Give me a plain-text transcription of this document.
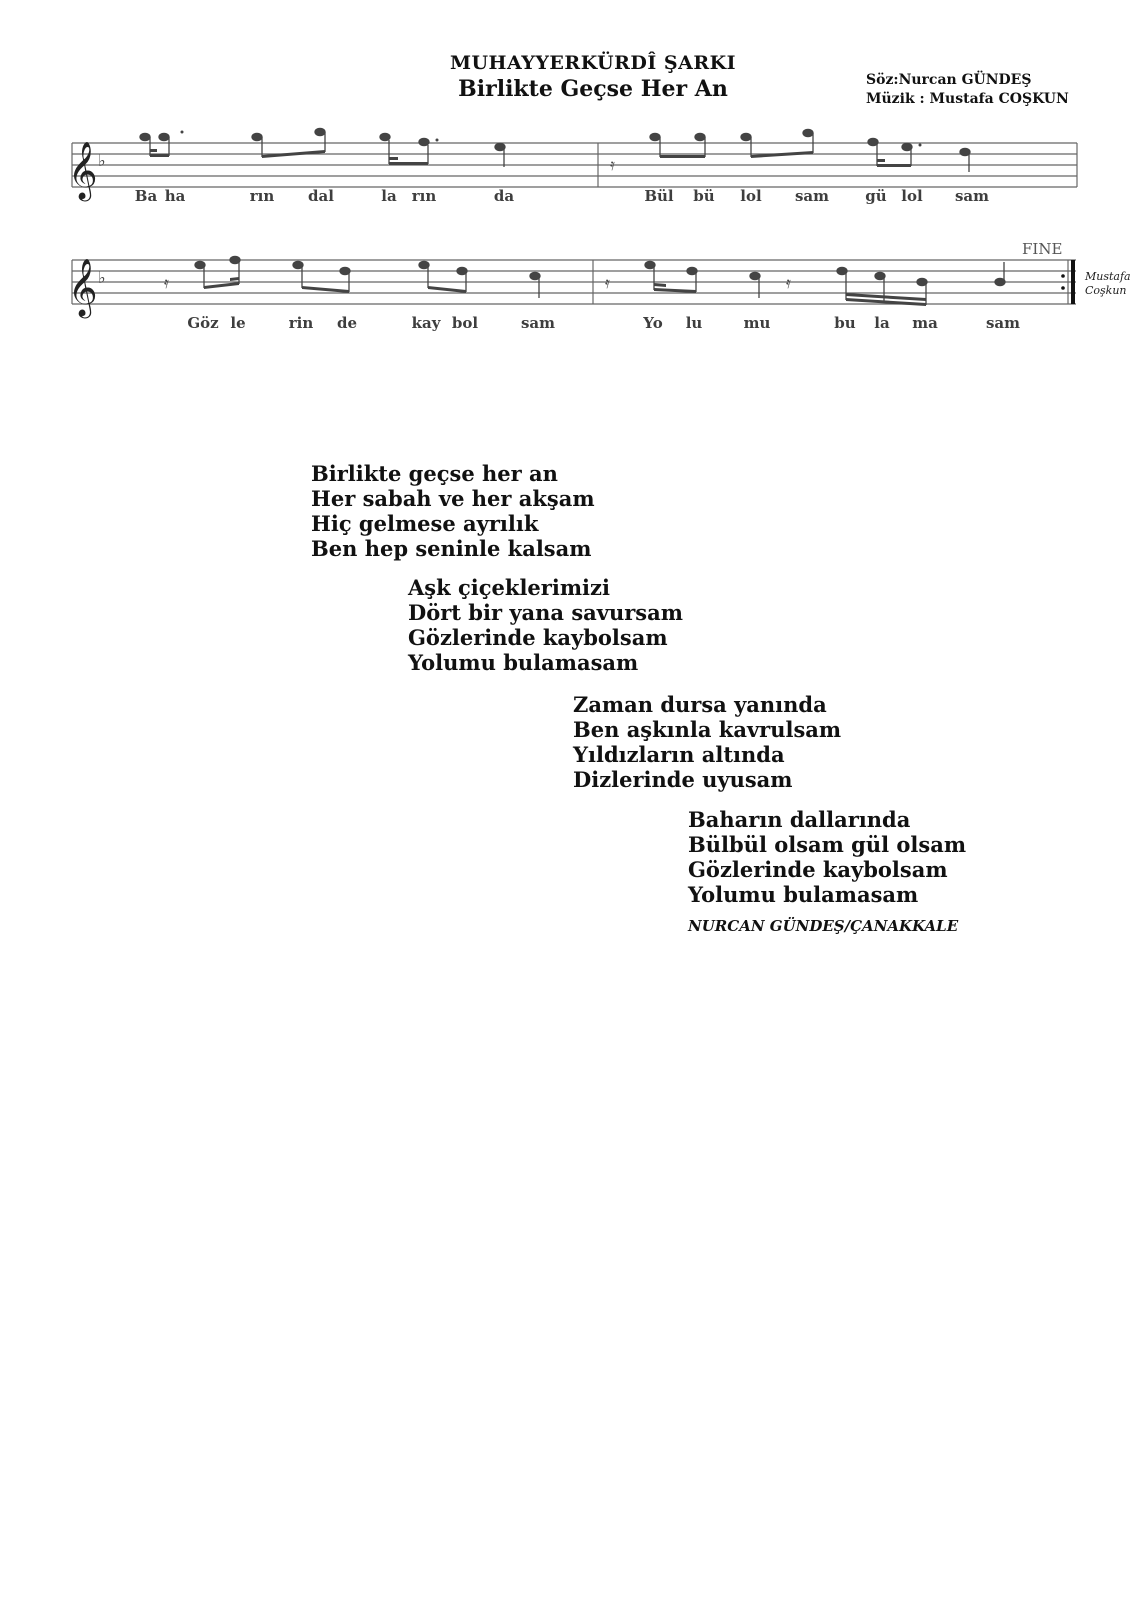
MUHAYYERKÜRDÎ ŞARKI
Birlikte Geçse Her An	Söz:Nurcan GÜNDEŞ
Müzik : Mustafa COŞKUN
𝄞 ♭
𝄞 ♭
𝄿
𝄿	𝄿	𝄿
Ba ha	rın dal	la rın	da	Bül bü lol sam gü lol sam
Göz le	rin de	kay bol	sam	Yo lu	mu	bu la ma	sam
FINE
Mustafa
Coşkun
Birlikte geçse her an
Her sabah ve her akşam
Hiç gelmese ayrılık
Ben hep seninle kalsam
Aşk çiçeklerimizi
Dört bir yana savursam
Gözlerinde kaybolsam
Yolumu bulamasam
Zaman dursa yanında
Ben aşkınla kavrulsam
Yıldızların altında
Dizlerinde uyusam
Baharın dallarında
Bülbül olsam gül olsam
Gözlerinde kaybolsam
Yolumu bulamasam
NURCAN GÜNDEŞ/ÇANAKKALE
